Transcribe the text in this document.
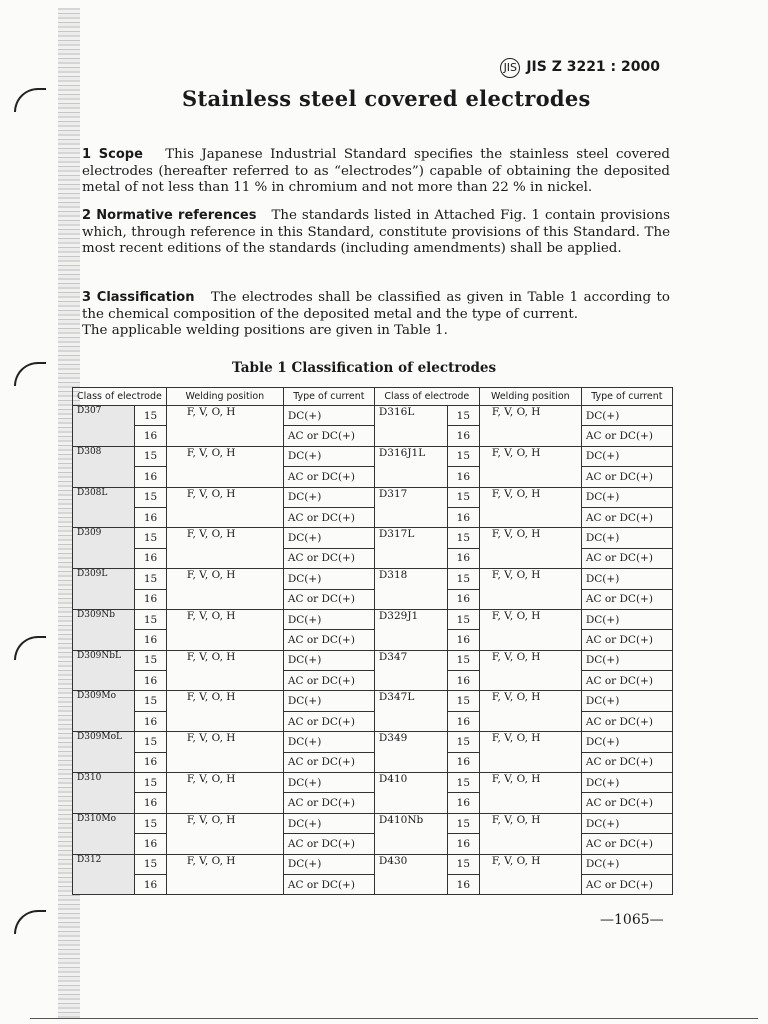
JIS JIS Z 3221 : 2000
Stainless steel covered electrodes
1 Scope This Japanese Industrial Standard specifies the stainless steel covered electrodes (hereafter referred to as “electrodes”) capable of obtaining the deposited metal of not less than 11 % in chromium and not more than 22 % in nickel.
2 Normative references The standards listed in Attached Fig. 1 contain provisions which, through reference in this Standard, constitute provisions of this Standard. The most recent editions of the standards (including amendments) shall be applied.
3 Classification The electrodes shall be classified as given in Table 1 according to the chemical composition of the deposited metal and the type of current.
The applicable welding positions are given in Table 1.
Table 1 Classification of electrodes
Class of electrode		Welding position	Type of current	Class of electrode		Welding position	Type of current
D307	15	F, V, O, H	DC(+)	D316L	15	F, V, O, H	DC(+)
	16		AC or DC(+)		16		AC or DC(+)
D308	15	F, V, O, H	DC(+)	D316J1L	15	F, V, O, H	DC(+)
	16		AC or DC(+)		16		AC or DC(+)
D308L	15	F, V, O, H	DC(+)	D317	15	F, V, O, H	DC(+)
	16		AC or DC(+)		16		AC or DC(+)
D309	15	F, V, O, H	DC(+)	D317L	15	F, V, O, H	DC(+)
	16		AC or DC(+)		16		AC or DC(+)
D309L	15	F, V, O, H	DC(+)	D318	15	F, V, O, H	DC(+)
	16		AC or DC(+)		16		AC or DC(+)
D309Nb	15	F, V, O, H	DC(+)	D329J1	15	F, V, O, H	DC(+)
	16		AC or DC(+)		16		AC or DC(+)
D309NbL	15	F, V, O, H	DC(+)	D347	15	F, V, O, H	DC(+)
	16		AC or DC(+)		16		AC or DC(+)
D309Mo	15	F, V, O, H	DC(+)	D347L	15	F, V, O, H	DC(+)
	16		AC or DC(+)		16		AC or DC(+)
D309MoL	15	F, V, O, H	DC(+)	D349	15	F, V, O, H	DC(+)
	16		AC or DC(+)		16		AC or DC(+)
D310	15	F, V, O, H	DC(+)	D410	15	F, V, O, H	DC(+)
	16		AC or DC(+)		16		AC or DC(+)
D310Mo	15	F, V, O, H	DC(+)	D410Nb	15	F, V, O, H	DC(+)
	16		AC or DC(+)		16		AC or DC(+)
D312	15	F, V, O, H	DC(+)	D430	15	F, V, O, H	DC(+)
	16		AC or DC(+)		16		AC or DC(+)
—1065—
